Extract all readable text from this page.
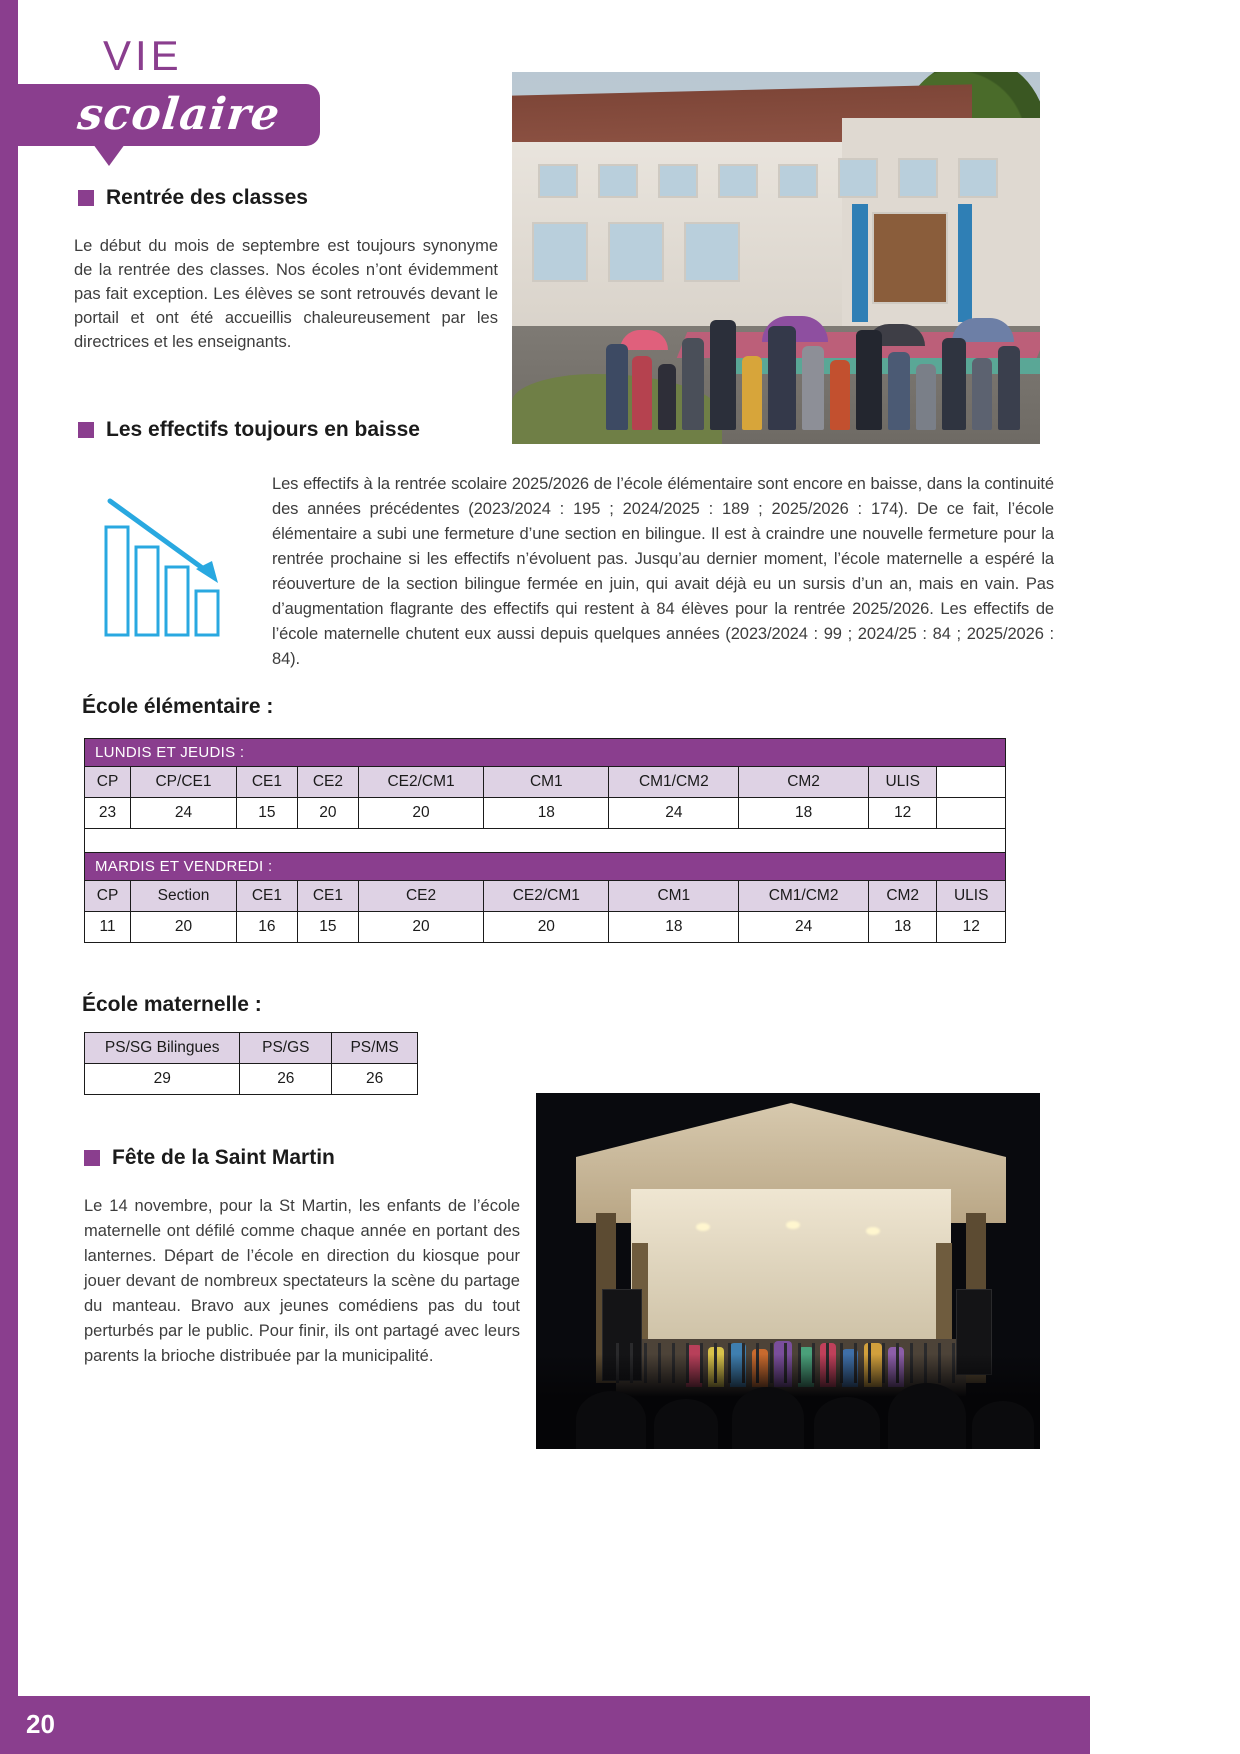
VIE
scolaire
Rentrée des classes
Le début du mois de septembre est toujours synonyme de la rentrée des classes. Nos écoles n’ont évidemment pas fait exception. Les élèves se sont retrouvés devant le portail et ont été accueillis chaleureusement par les directrices et les enseignants.
Les effectifs toujours en baisse
Les effectifs à la rentrée scolaire 2025/2026 de l’école élémentaire sont encore en baisse, dans la continuité des années précédentes (2023/2024 : 195 ; 2024/2025 : 189 ; 2025/2026 : 174). De ce fait, l’école élémentaire a subi une fermeture d’une section en bilingue. Il est à craindre une nouvelle fermeture pour la rentrée prochaine si les effectifs n’évoluent pas. Jusqu’au dernier moment, l’école maternelle a espéré la réouverture de la section bilingue fermée en juin, qui avait déjà eu un sursis d’un an, mais en vain. Pas d’augmentation flagrante des effectifs qui restent à 84 élèves pour la rentrée 2025/2026. Les effectifs de l’école maternelle chutent eux aussi depuis quelques années (2023/2024 : 99 ; 2024/25 : 84 ; 2025/2026 : 84).
École élémentaire :
LUNDIS ET JEUDIS :									
CP	CP/CE1	CE1	CE2	CE2/CM1	CM1	CM1/CM2	CM2	ULIS	
23	24	15	20	20	18	24	18	12	

MARDIS ET VENDREDI :									
CP	Section	CE1	CE1	CE2	CE2/CM1	CM1	CM1/CM2	CM2	ULIS
11	20	16	15	20	20	18	24	18	12
École maternelle :
PS/SG Bilingues	PS/GS	PS/MS
29	26	26
Fête de la Saint Martin
Le 14 novembre, pour la St Martin, les enfants de l’école maternelle ont défilé comme chaque année en portant des lanternes. Départ de l’école en direction du kiosque pour jouer devant de nombreux spectateurs la scène du partage du manteau. Bravo aux jeunes comédiens pas du tout perturbés par le public. Pour finir, ils ont partagé avec leurs parents la brioche distribuée par la municipalité.
20
